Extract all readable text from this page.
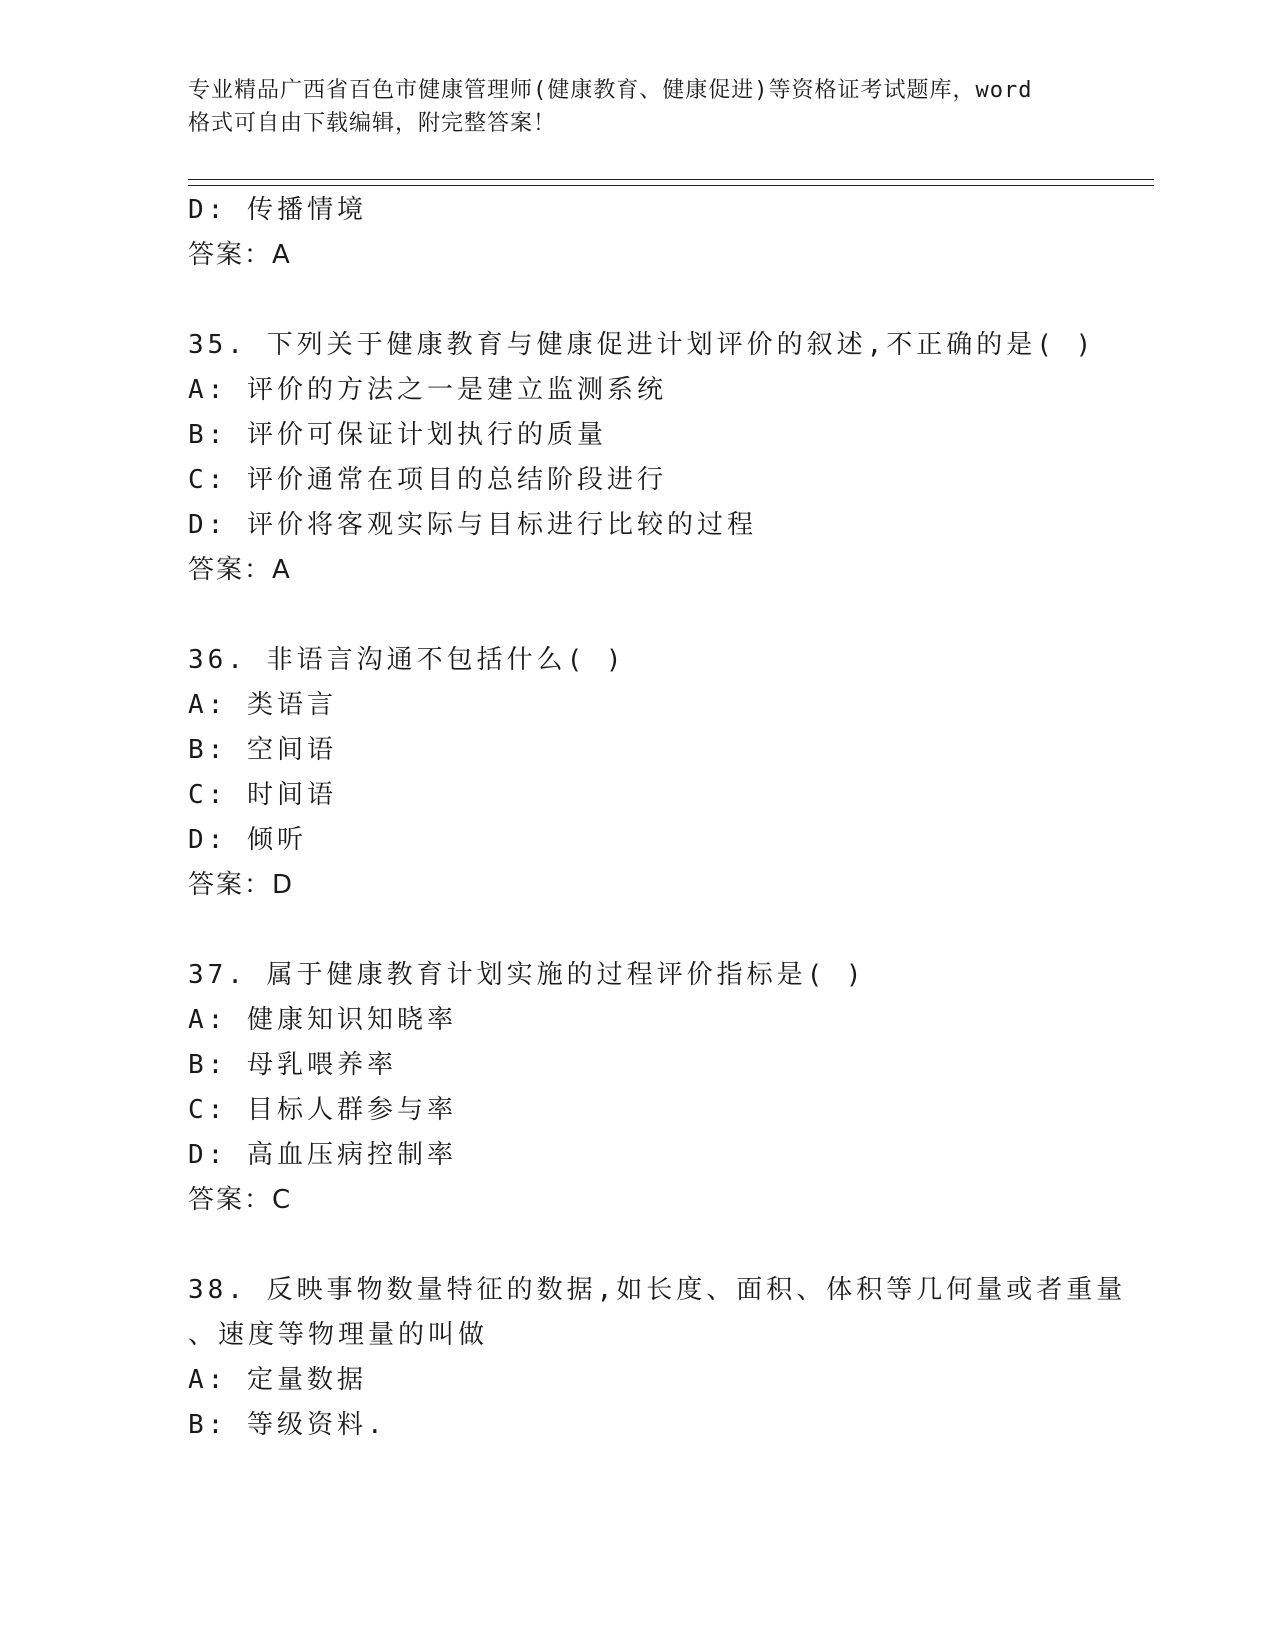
专业精品广西省百色市健康管理师(健康教育、健康促进)等资格证考试题库，word
格式可自由下载编辑，附完整答案！
D: 传播情境
答案：A
35. 下列关于健康教育与健康促进计划评价的叙述,不正确的是( )
A: 评价的方法之一是建立监测系统
B: 评价可保证计划执行的质量
C: 评价通常在项目的总结阶段进行
D: 评价将客观实际与目标进行比较的过程
答案：A
36. 非语言沟通不包括什么( )
A: 类语言
B: 空间语
C: 时间语
D: 倾听
答案：D
37. 属于健康教育计划实施的过程评价指标是( )
A: 健康知识知晓率
B: 母乳喂养率
C: 目标人群参与率
D: 高血压病控制率
答案：C
38. 反映事物数量特征的数据,如长度、面积、体积等几何量或者重量
、速度等物理量的叫做
A: 定量数据
B: 等级资料.
